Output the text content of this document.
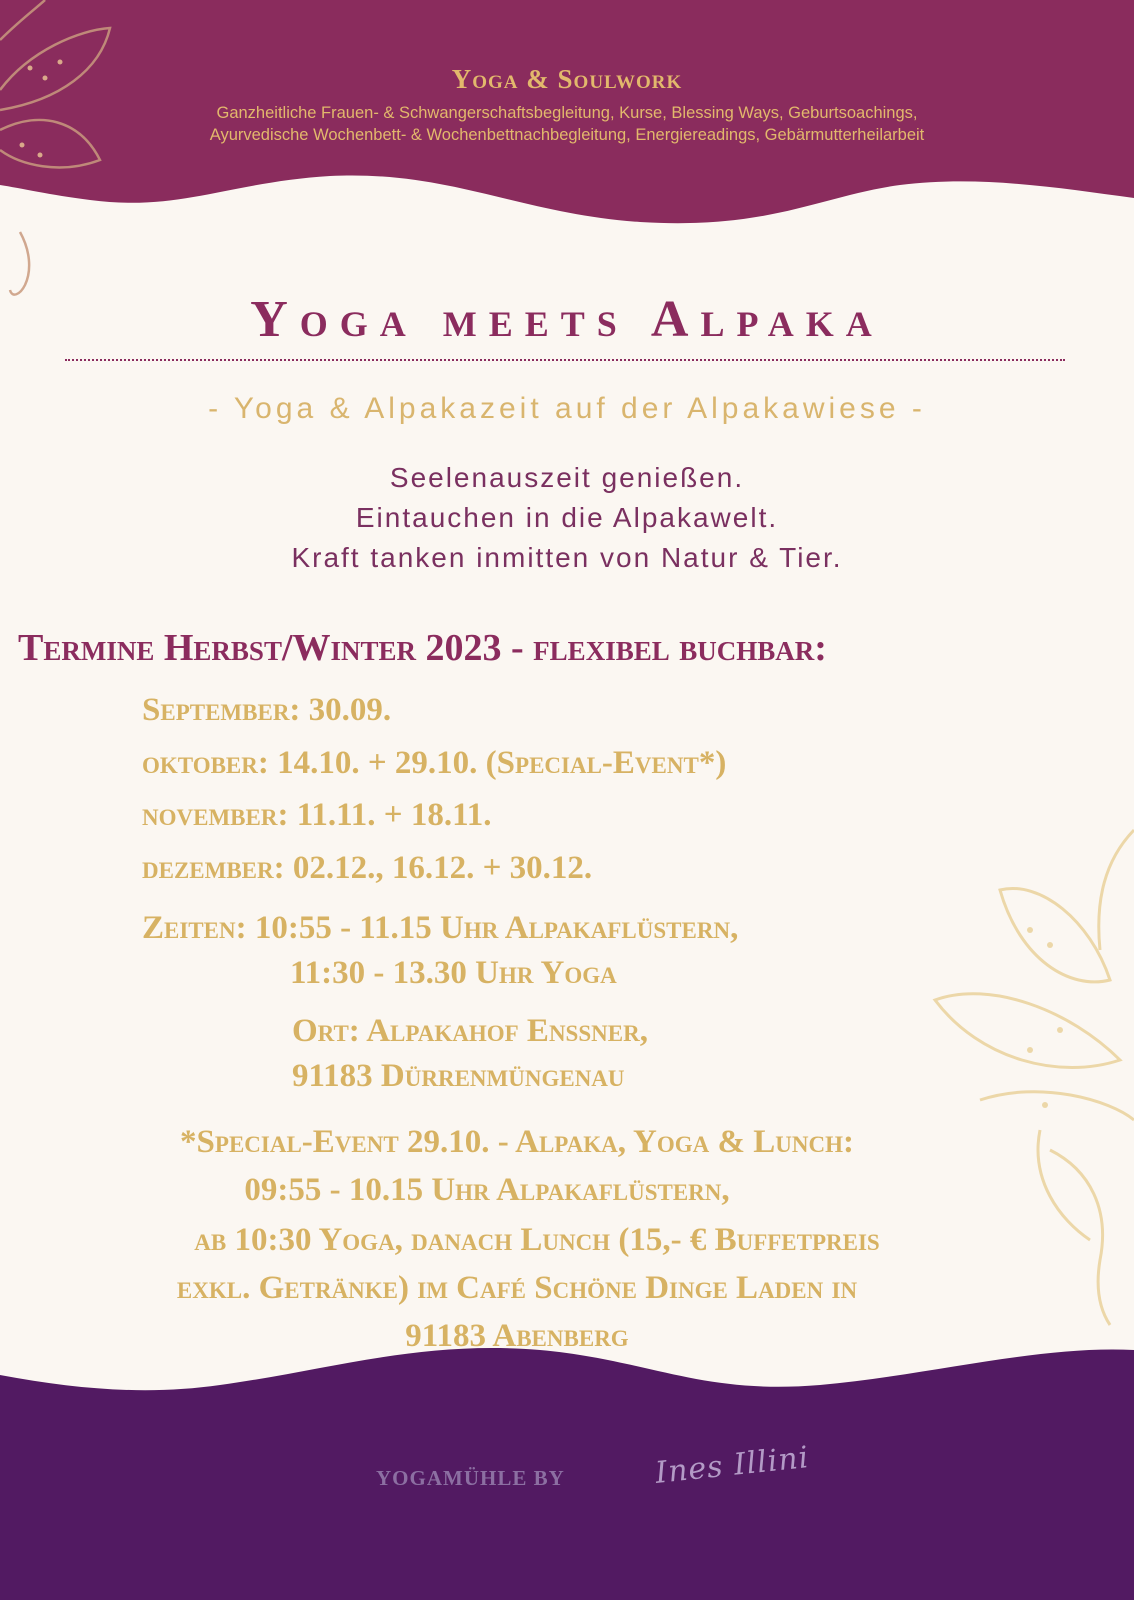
Yoga & Soulwork
Ganzheitliche Frauen- & Schwangerschaftsbegleitung, Kurse, Blessing Ways, Geburtsoachings,
Ayurvedische Wochenbett- & Wochenbettnachbegleitung, Energiereadings, Gebärmutterheilarbeit
Yoga meets Alpaka
- Yoga & Alpakazeit auf der Alpakawiese -
Seelenauszeit genießen.
Eintauchen in die Alpakawelt.
Kraft tanken inmitten von Natur & Tier.
Termine Herbst/Winter 2023 - flexibel buchbar:
September: 30.09.
oktober: 14.10. + 29.10. (Special-Event*)
november: 11.11. + 18.11.
dezember: 02.12., 16.12. + 30.12.
Zeiten: 10:55 - 11.15 Uhr Alpakaflüstern,
11:30 - 13.30 Uhr Yoga
Ort: Alpakahof Enssner,
91183 Dürrenmüngenau
*Special-Event 29.10. - Alpaka, Yoga & Lunch:
09:55 - 10.15 Uhr Alpakaflüstern,
ab 10:30 Yoga, danach Lunch (15,- € Buffetpreis
exkl. Getränke) im Café Schöne Dinge Laden in
91183 Abenberg
YOGAMÜHLE BY	Ines Illini
